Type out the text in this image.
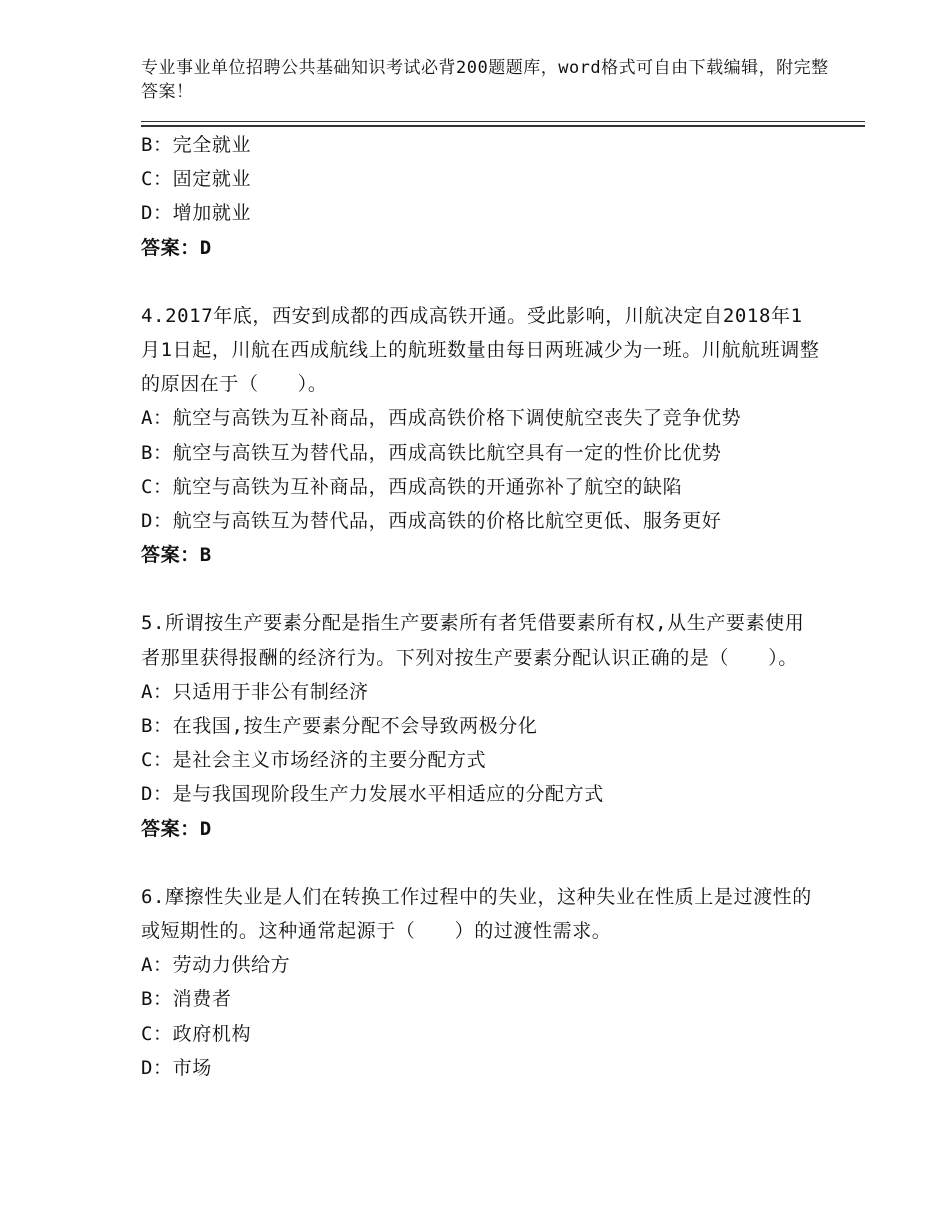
专业事业单位招聘公共基础知识考试必背200题题库，word格式可自由下载编辑，附完整答案！
B：完全就业
C：固定就业
D：增加就业
答案：D
4.2017年底，西安到成都的西成高铁开通。受此影响，川航决定自2018年1月1日起，川航在西成航线上的航班数量由每日两班减少为一班。川航航班调整的原因在于（　　）。
A：航空与高铁为互补商品，西成高铁价格下调使航空丧失了竞争优势
B：航空与高铁互为替代品，西成高铁比航空具有一定的性价比优势
C：航空与高铁为互补商品，西成高铁的开通弥补了航空的缺陷
D：航空与高铁互为替代品，西成高铁的价格比航空更低、服务更好
答案：B
5.所谓按生产要素分配是指生产要素所有者凭借要素所有权,从生产要素使用者那里获得报酬的经济行为。下列对按生产要素分配认识正确的是（　　）。
A：只适用于非公有制经济
B：在我国,按生产要素分配不会导致两极分化
C：是社会主义市场经济的主要分配方式
D：是与我国现阶段生产力发展水平相适应的分配方式
答案：D
6.摩擦性失业是人们在转换工作过程中的失业，这种失业在性质上是过渡性的或短期性的。这种通常起源于（　　）的过渡性需求。
A：劳动力供给方
B：消费者
C：政府机构
D：市场
